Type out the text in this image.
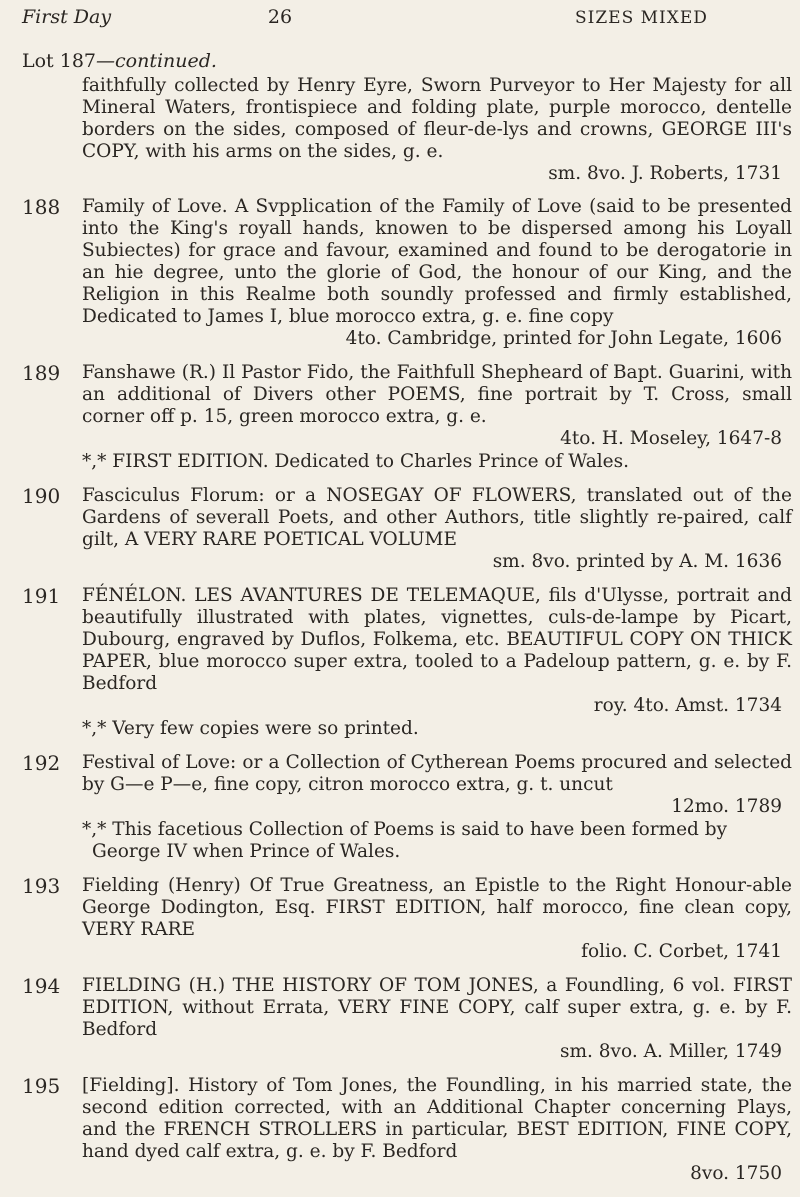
First Day	26	SIZES MIXED
Lot 187—continued.
faithfully collected by Henry Eyre, Sworn Purveyor to Her Majesty for all Mineral Waters, frontispiece and folding plate, purple morocco, dentelle borders on the sides, composed of fleur-de-lys and crowns, GEORGE III's COPY, with his arms on the sides, g. e.
sm. 8vo. J. Roberts, 1731
188	Family of Love. A Svpplication of the Family of Love (said to be presented into the King's royall hands, knowen to be dispersed among his Loyall Subiectes) for grace and favour, examined and found to be derogatorie in an hie degree, unto the glorie of God, the honour of our King, and the Religion in this Realme both soundly professed and firmly established, Dedicated to James I, blue morocco extra, g. e. fine copy
4to. Cambridge, printed for John Legate, 1606
189	Fanshawe (R.) Il Pastor Fido, the Faithfull Shepheard of Bapt. Guarini, with an additional of Divers other POEMS, fine portrait by T. Cross, small corner off p. 15, green morocco extra, g. e.
4to. H. Moseley, 1647-8
*,* FIRST EDITION. Dedicated to Charles Prince of Wales.
190	Fasciculus Florum: or a NOSEGAY OF FLOWERS, translated out of the Gardens of severall Poets, and other Authors, title slightly re-paired, calf gilt, A VERY RARE POETICAL VOLUME
sm. 8vo. printed by A. M. 1636
191	FÉNÉLON. LES AVANTURES DE TELEMAQUE, fils d'Ulysse, portrait and beautifully illustrated with plates, vignettes, culs-de-lampe by Picart, Dubourg, engraved by Duflos, Folkema, etc. BEAUTIFUL COPY ON THICK PAPER, blue morocco super extra, tooled to a Padeloup pattern, g. e. by F. Bedford
roy. 4to. Amst. 1734
*,* Very few copies were so printed.
192	Festival of Love: or a Collection of Cytherean Poems procured and selected by G—e P—e, fine copy, citron morocco extra, g. t. uncut
12mo. 1789
*,* This facetious Collection of Poems is said to have been formed by George IV when Prince of Wales.
193	Fielding (Henry) Of True Greatness, an Epistle to the Right Honour-able George Dodington, Esq. FIRST EDITION, half morocco, fine clean copy, VERY RARE
folio. C. Corbet, 1741
194	FIELDING (H.) THE HISTORY OF TOM JONES, a Foundling, 6 vol. FIRST EDITION, without Errata, VERY FINE COPY, calf super extra, g. e. by F. Bedford
sm. 8vo. A. Miller, 1749
195	[Fielding]. History of Tom Jones, the Foundling, in his married state, the second edition corrected, with an Additional Chapter concerning Plays, and the FRENCH STROLLERS in particular, BEST EDITION, FINE COPY, hand dyed calf extra, g. e. by F. Bedford
8vo. 1750
